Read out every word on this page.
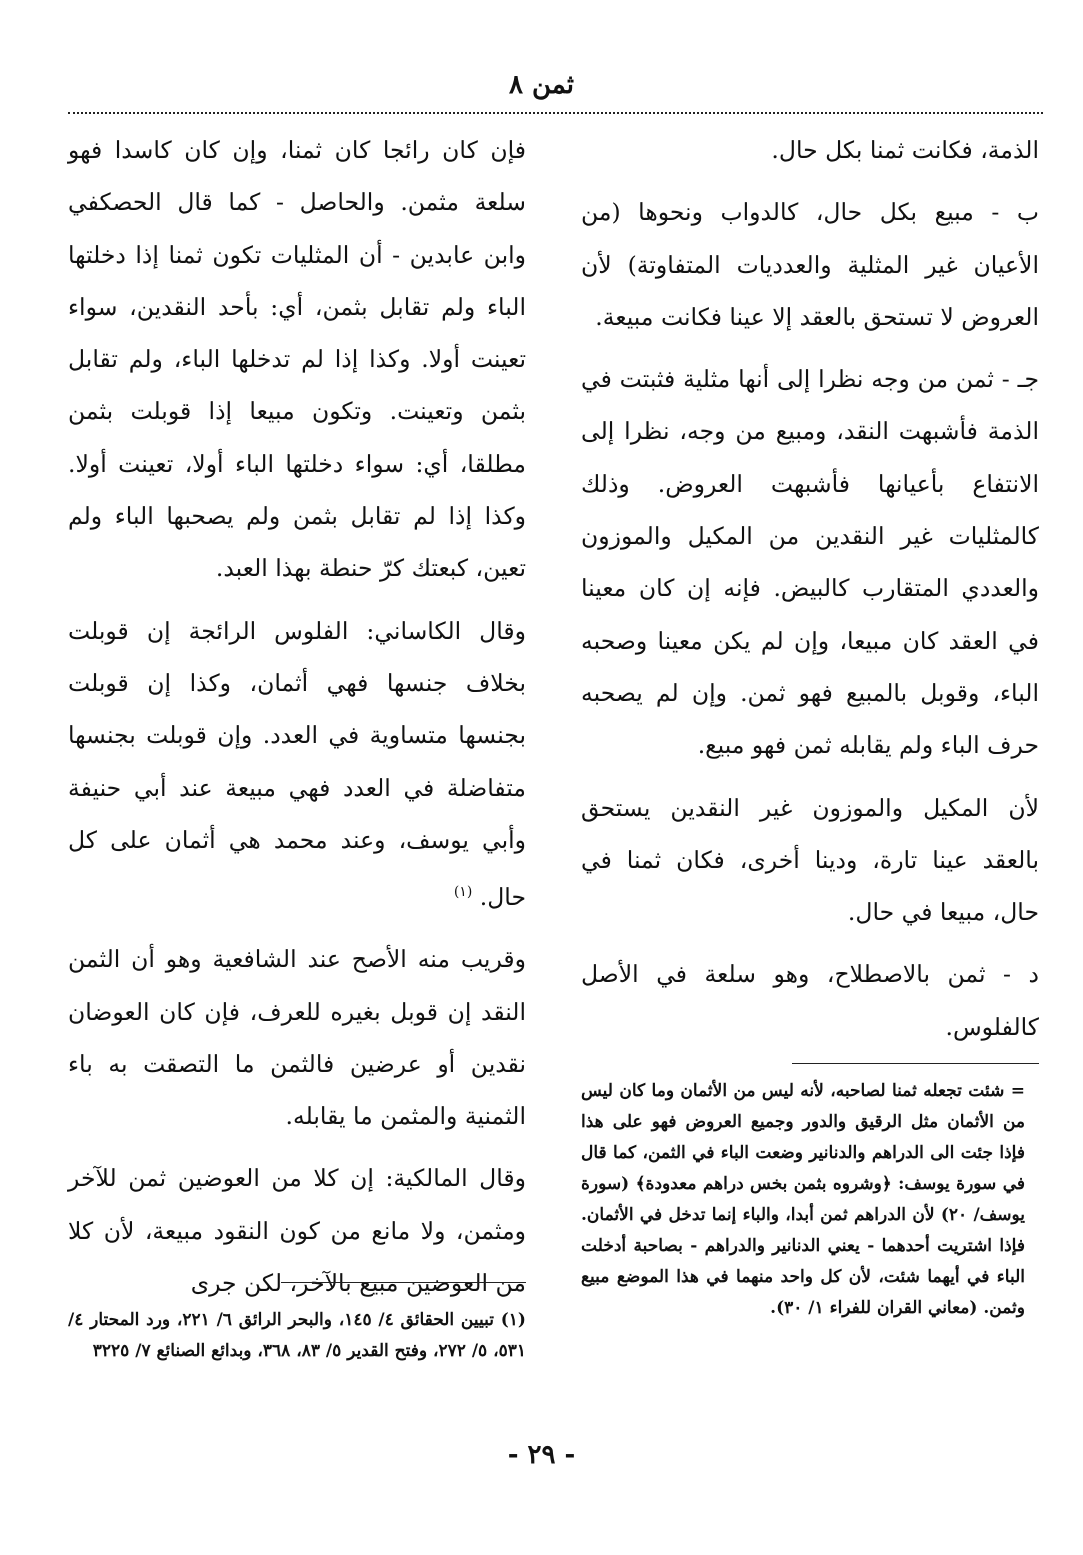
ثمن ٨

الذمة، فكانت ثمنا بكل حال.

ب - مبيع بكل حال، كالدواب ونحوها (من الأعيان غير المثلية والعدديات المتفاوتة) لأن العروض لا تستحق بالعقد إلا عينا فكانت مبيعة.

جـ - ثمن من وجه نظرا إلى أنها مثلية فثبتت في الذمة فأشبهت النقد، ومبيع من وجه، نظرا إلى الانتفاع بأعيانها فأشبهت العروض. وذلك كالمثليات غير النقدين من المكيل والموزون والعددي المتقارب كالبيض. فإنه إن كان معينا في العقد كان مبيعا، وإن لم يكن معينا وصحبه الباء، وقوبل بالمبيع فهو ثمن. وإن لم يصحبه حرف الباء ولم يقابله ثمن فهو مبيع.

لأن المكيل والموزون غير النقدين يستحق بالعقد عينا تارة، ودينا أخرى، فكان ثمنا في حال، مبيعا في حال.

د - ثمن بالاصطلاح، وهو سلعة في الأصل كالفلوس.

فإن كان رائجا كان ثمنا، وإن كان كاسدا فهو سلعة مثمن. والحاصل - كما قال الحصكفي وابن عابدين - أن المثليات تكون ثمنا إذا دخلتها الباء ولم تقابل بثمن، أي: بأحد النقدين، سواء تعينت أولا. وكذا إذا لم تدخلها الباء، ولم تقابل بثمن وتعينت. وتكون مبيعا إذا قوبلت بثمن مطلقا، أي: سواء دخلتها الباء أولا، تعينت أولا. وكذا إذا لم تقابل بثمن ولم يصحبها الباء ولم تعين، كبعتك كرّ حنطة بهذا العبد.

وقال الكاساني: الفلوس الرائجة إن قوبلت بخلاف جنسها فهي أثمان، وكذا إن قوبلت بجنسها متساوية في العدد. وإن قوبلت بجنسها متفاضلة في العدد فهي مبيعة عند أبي حنيفة وأبي يوسف، وعند محمد هي أثمان على كل حال. $^{(١)}$

وقريب منه الأصح عند الشافعية وهو أن الثمن النقد إن قوبل بغيره للعرف، فإن كان العوضان نقدين أو عرضين فالثمن ما التصقت به باء الثمنية والمثمن ما يقابله.

وقال المالكية: إن كلا من العوضين ثمن للآخر ومثمن، ولا مانع من كون النقود مبيعة، لأن كلا من العوضين مبيع بالآخر، لكن جرى

= شئت تجعله ثمنا لصاحبه، لأنه ليس من الأثمان وما كان ليس من الأثمان مثل الرقيق والدور وجميع العروض فهو على هذا فإذا جئت الى الدراهم والدنانير وضعت الباء في الثمن، كما قال في سورة يوسف: ﴿وشروه بثمن بخس دراهم معدودة﴾ (سورة يوسف/ ٢٠) لأن الدراهم ثمن أبدا، والباء إنما تدخل في الأثمان. فإذا اشتريت أحدهما - يعني الدنانير والدراهم - بصاحبة أدخلت الباء في أيهما شئت، لأن كل واحد منهما في هذا الموضع مبيع وثمن. (معاني القران للفراء ١/ ٣٠).

(١) تبيين الحقائق ٤/ ١٤٥، والبحر الرائق ٦/ ٢٢١، ورد المحتار ٤/ ٥٣١، ٥/ ٢٧٢، وفتح القدير ٥/ ٨٣، ٣٦٨، وبدائع الصنائع ٧/ ٣٢٢٥

- ٢٩ -
